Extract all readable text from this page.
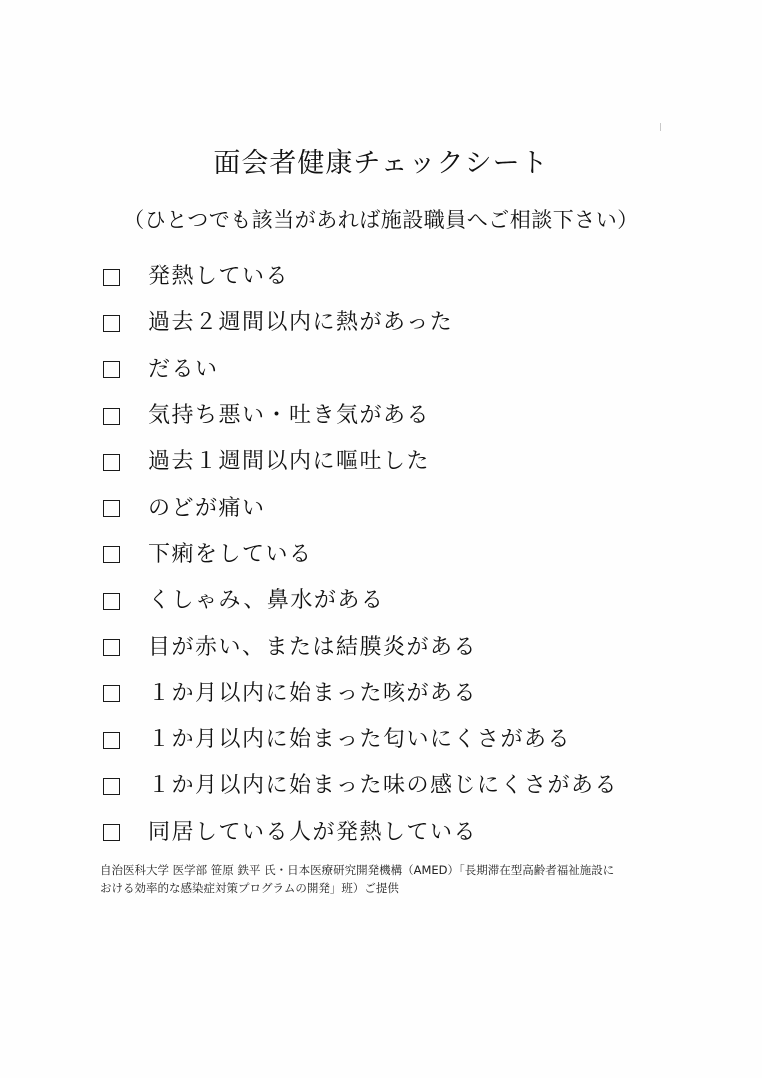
面会者健康チェックシート
（ひとつでも該当があれば施設職員へご相談下さい）
発熱している
過去２週間以内に熱があった
だるい
気持ち悪い・吐き気がある
過去１週間以内に嘔吐した
のどが痛い
下痢をしている
くしゃみ、鼻水がある
目が赤い、または結膜炎がある
１か月以内に始まった咳がある
１か月以内に始まった匂いにくさがある
１か月以内に始まった味の感じにくさがある
同居している人が発熱している
自治医科大学 医学部 笹原 鉄平 氏・日本医療研究開発機構（AMED）「長期滞在型高齢者福祉施設に
おける効率的な感染症対策プログラムの開発」班）ご提供
